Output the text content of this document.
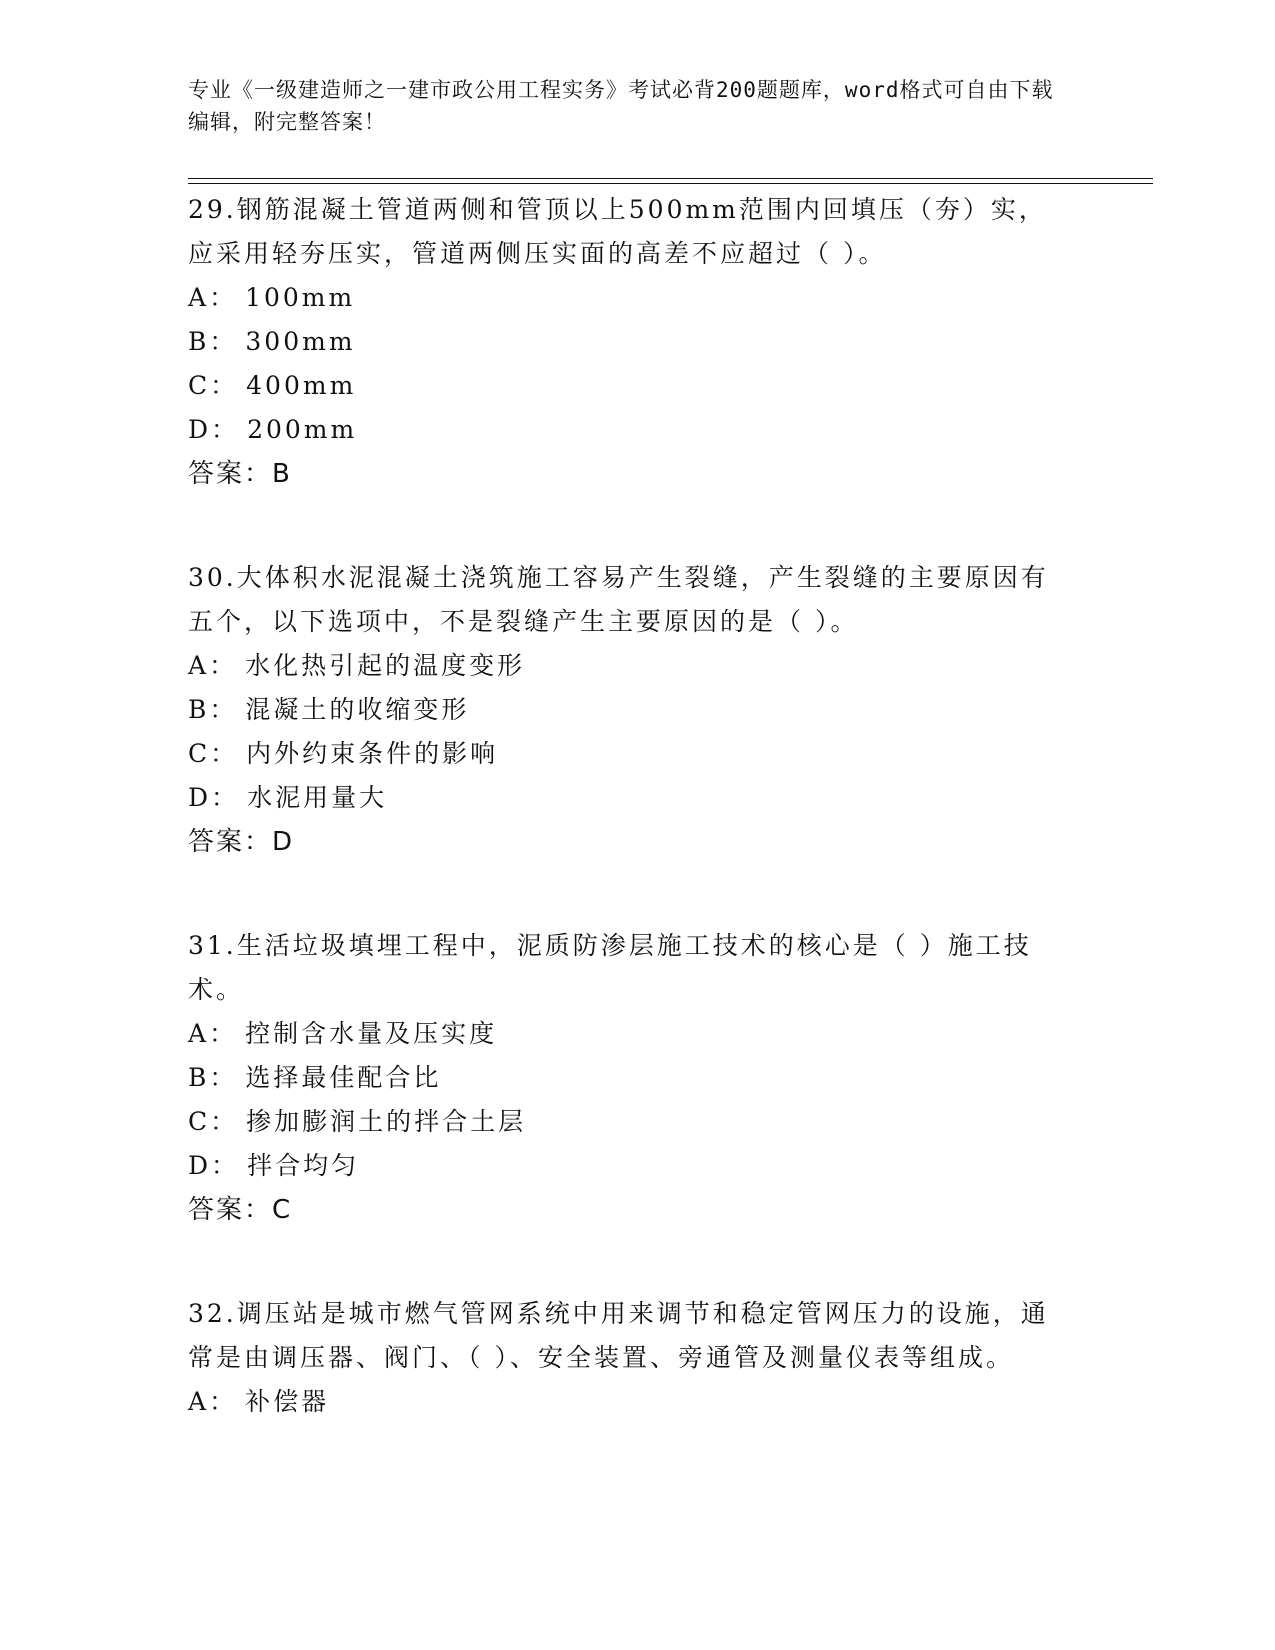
专业《一级建造师之一建市政公用工程实务》考试必背200题题库，word格式可自由下载编辑，附完整答案！

29.钢筋混凝土管道两侧和管顶以上500mm范围内回填压（夯）实，应采用轻夯压实，管道两侧压实面的高差不应超过（ ）。

A： 100mm

B： 300mm

C： 400mm

D： 200mm

答案：B

30.大体积水泥混凝土浇筑施工容易产生裂缝，产生裂缝的主要原因有五个，以下选项中，不是裂缝产生主要原因的是（ ）。

A： 水化热引起的温度变形

B： 混凝土的收缩变形

C： 内外约束条件的影响

D： 水泥用量大

答案：D

31.生活垃圾填埋工程中，泥质防渗层施工技术的核心是（ ）施工技术。

A： 控制含水量及压实度

B： 选择最佳配合比

C： 掺加膨润土的拌合土层

D： 拌合均匀

答案：C

32.调压站是城市燃气管网系统中用来调节和稳定管网压力的设施，通常是由调压器、阀门、（ ）、安全装置、旁通管及测量仪表等组成。

A： 补偿器
